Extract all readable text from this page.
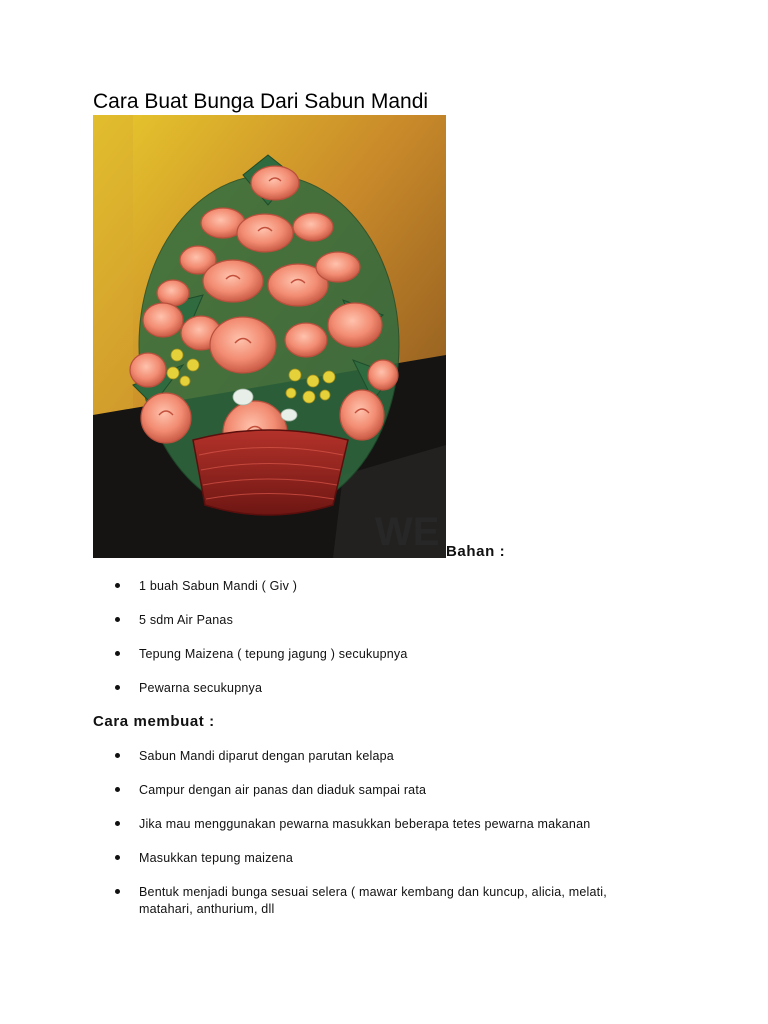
Cara Buat Bunga Dari Sabun Mandi
WE Bahan :
1 buah Sabun Mandi ( Giv )
5 sdm Air Panas
Tepung Maizena ( tepung jagung ) secukupnya
Pewarna secukupnya
Cara membuat :
Sabun Mandi diparut dengan parutan kelapa
Campur dengan air panas dan diaduk sampai rata
Jika mau menggunakan pewarna masukkan beberapa tetes pewarna makanan
Masukkan tepung maizena
Bentuk menjadi bunga sesuai selera ( mawar kembang dan kuncup, alicia, melati, matahari, anthurium, dll
